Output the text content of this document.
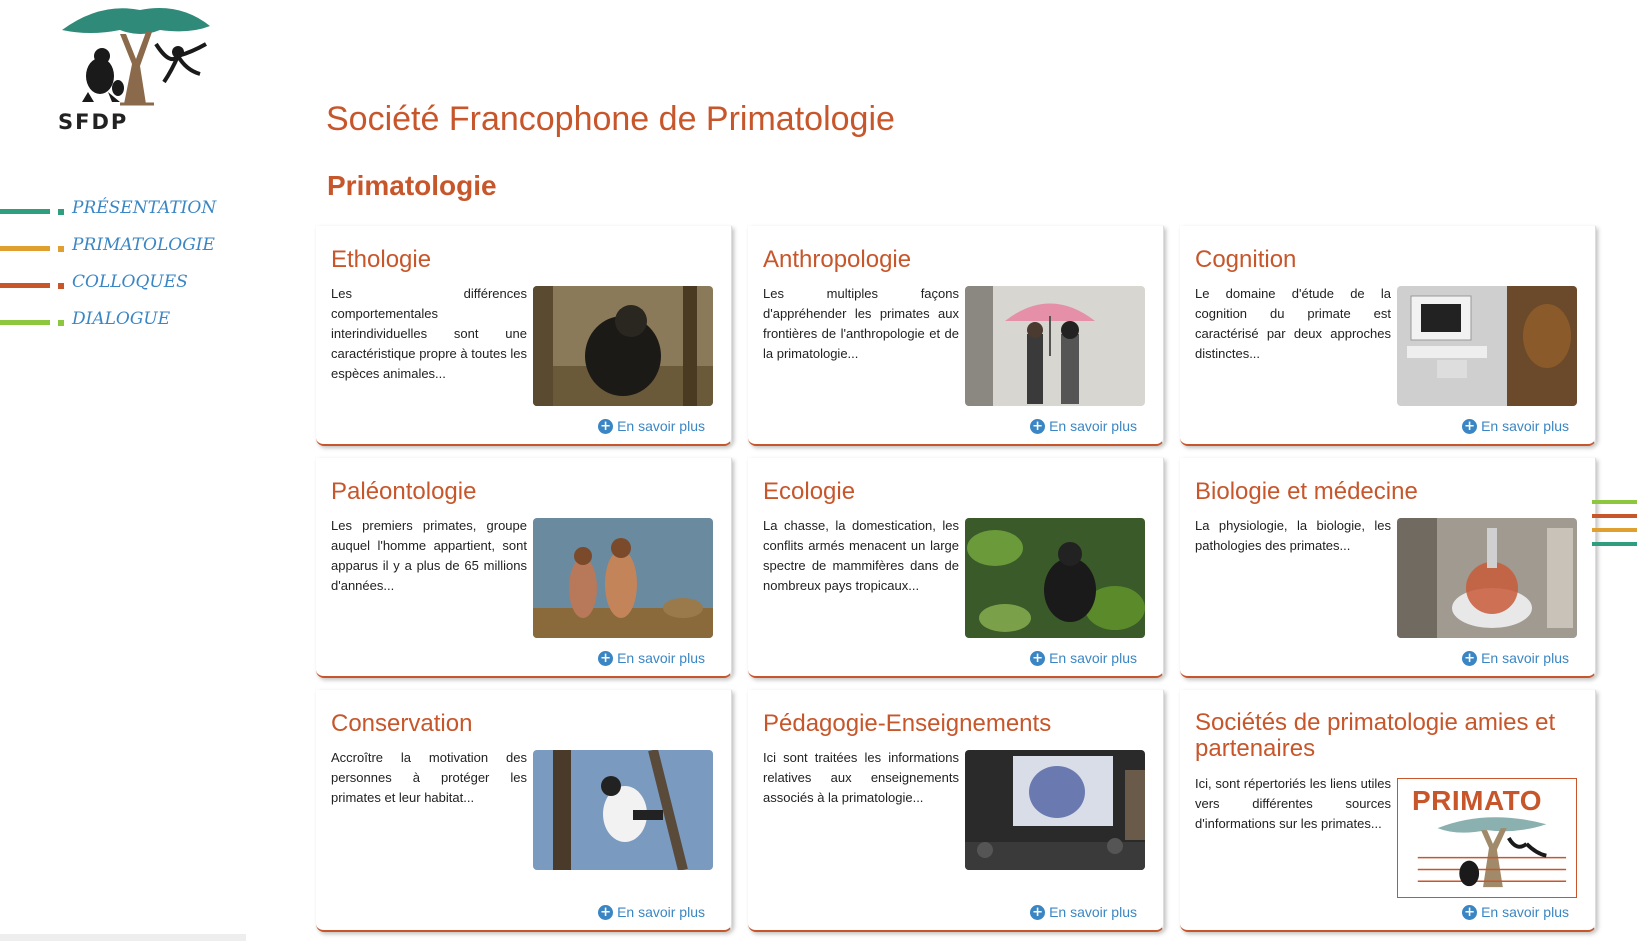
SFDP
PRÉSENTATION
PRIMATOLOGIE
COLLOQUES
DIALOGUE
Société Francophone de Primatologie
Primatologie
Ethologie
Les différences comportementales interindividuelles sont une caractéristique propre à toutes les espèces animales...
+ En savoir plus
Anthropologie
Les multiples façons d'appréhender les primates aux frontières de l'anthropologie et de la primatologie...
+ En savoir plus
Cognition
Le domaine d'étude de la cognition du primate est caractérisé par deux approches distinctes...
+ En savoir plus
Paléontologie
Les premiers primates, groupe auquel l'homme appartient, sont apparus il y a plus de 65 millions d'années...
+ En savoir plus
Ecologie
La chasse, la domestication, les conflits armés menacent un large spectre de mammifères dans de nombreux pays tropicaux...
+ En savoir plus
Biologie et médecine
La physiologie, la biologie, les pathologies des primates...
+ En savoir plus
Conservation
Accroître la motivation des personnes à protéger les primates et leur habitat...
+ En savoir plus
Pédagogie-Enseignements
Ici sont traitées les informations relatives aux enseignements associés à la primatologie...
+ En savoir plus
Sociétés de primatologie amies et partenaires
Ici, sont répertoriés les liens utiles vers différentes sources d'informations sur les primates...
PRIMATO
+ En savoir plus
